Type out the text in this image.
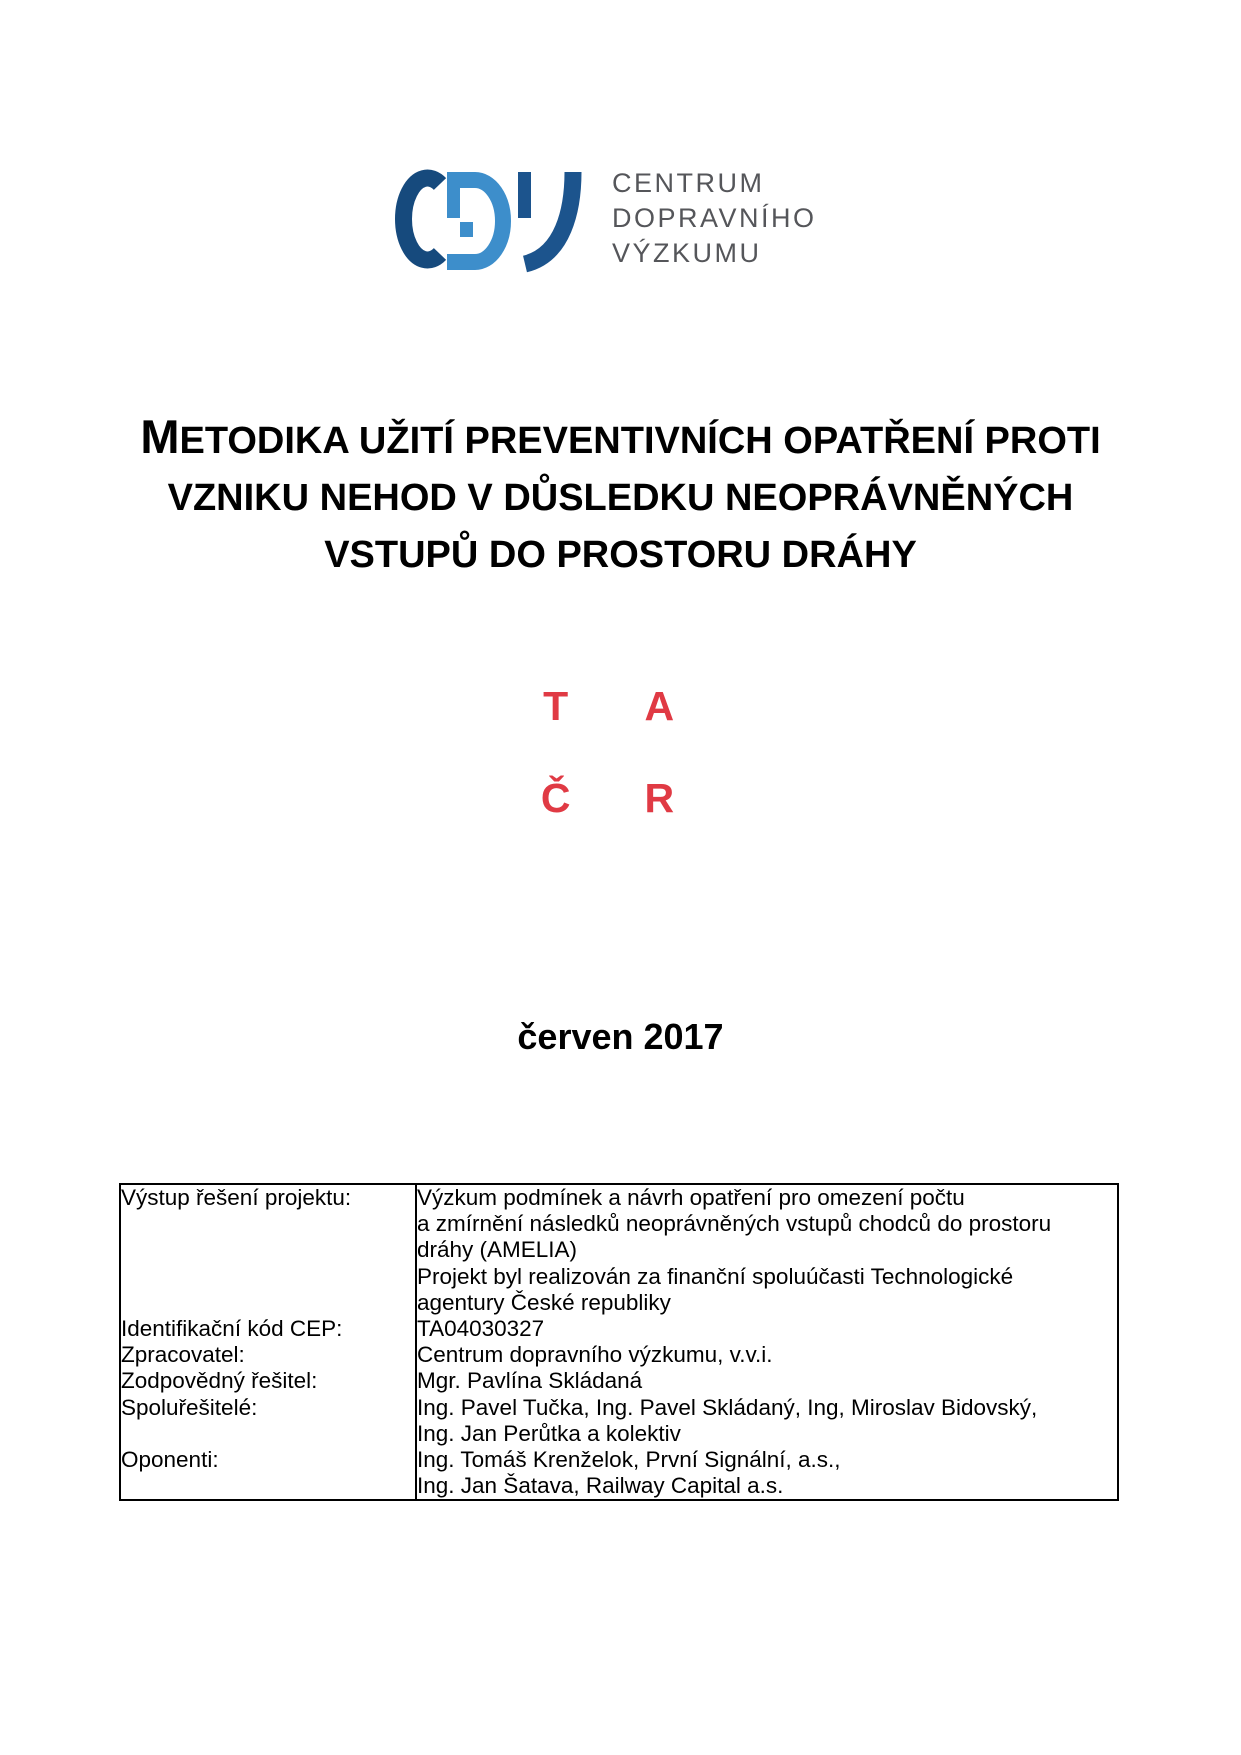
CENTRUM
DOPRAVNÍHO
VÝZKUMU
METODIKA UŽITÍ PREVENTIVNÍCH OPATŘENÍ PROTI
VZNIKU NEHOD V DŮSLEDKU NEOPRÁVNĚNÝCH
VSTUPŮ DO PROSTORU DRÁHY
T A
Č R
červen 2017
Výstup řešení projektu:	Výzkum podmínek a návrh opatření pro omezení počtu
a zmírnění následků neoprávněných vstupů chodců do prostoru
dráhy (AMELIA)
Projekt byl realizován za finanční spoluúčasti Technologické
agentury České republiky

Identifikační kód CEP:	TA04030327

Zpracovatel:	Centrum dopravního výzkumu, v.v.i.

Zodpovědný řešitel:	Mgr. Pavlína Skládaná

Spoluřešitelé:	Ing. Pavel Tučka, Ing. Pavel Skládaný, Ing, Miroslav Bidovský,
Ing. Jan Perůtka a kolektiv

Oponenti:	Ing. Tomáš Krenželok, První Signální, a.s.,
Ing. Jan Šatava, Railway Capital a.s.
